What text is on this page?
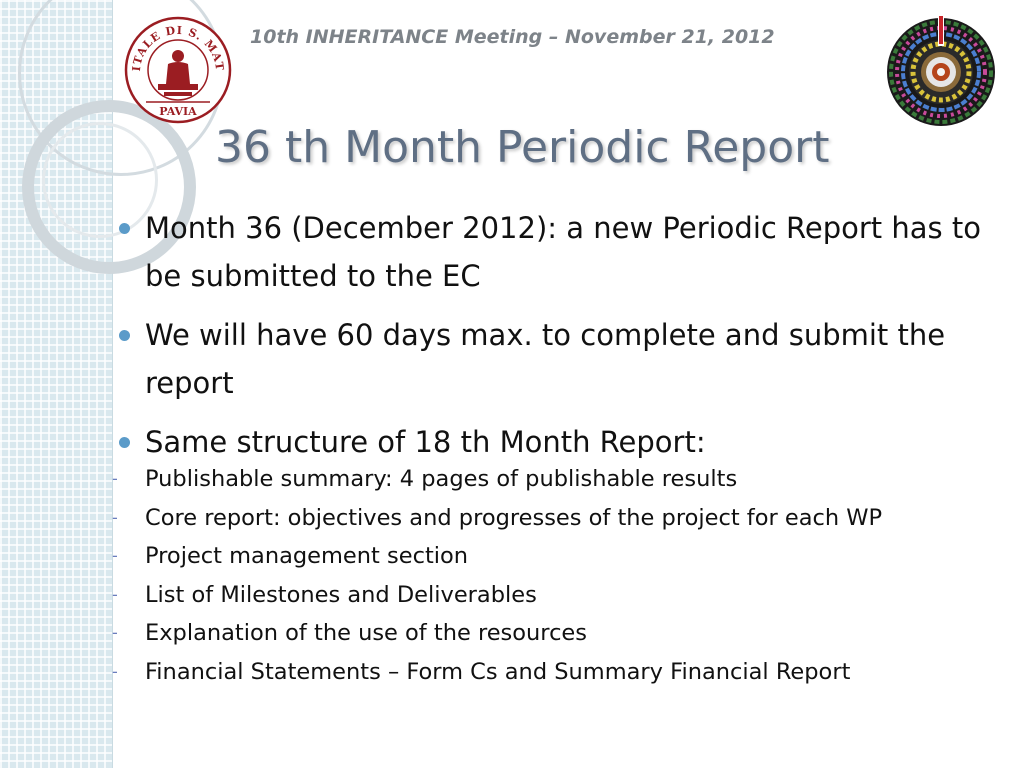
ITALE DI S. MAT
PAVIA
10th INHERITANCE Meeting – November 21, 2012
36 th Month Periodic Report
Month 36 (December 2012): a new Periodic Report has to be submitted to the EC
We will have 60 days max. to complete and submit the report
Same structure of 18 th Month Report:
- Publishable summary: 4 pages of publishable results
- Core report: objectives and progresses of the project for each WP
- Project management section
- List of Milestones and Deliverables
- Explanation of the use of the resources
- Financial Statements – Form Cs and Summary Financial Report
